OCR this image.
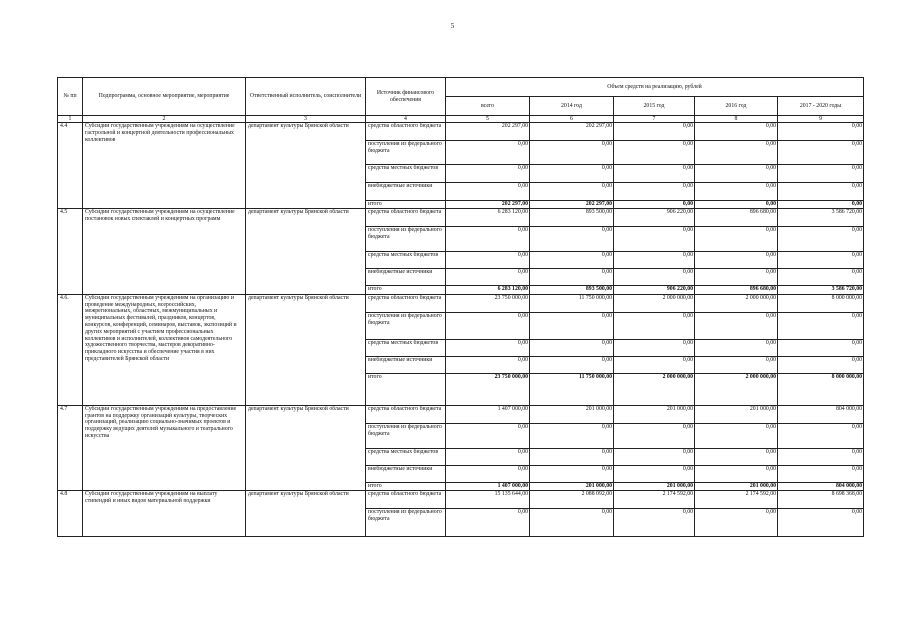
5
№ пп	Подпрограмма, основное мероприятие, мероприятие	Ответственный исполнитель, соисполнители	Источник финансового обеспечения	Объем средств на реализацию, рублей				
				всего	2014 год	2015 год	2016 год	2017 - 2020 годы
1	2	3	4	5	6	7	8	9
4.4	Субсидии государственным учреждениям на осуществление гастрольной и концертной деятельности профессиональных коллективов	департамент культуры Брянской области	средства областного бюджета	202 297,00	202 297,00	0,00	0,00	0,00
			поступления из федерального бюджета	0,00	0,00	0,00	0,00	0,00
			средства местных бюджетов	0,00	0,00	0,00	0,00	0,00
			внебюджетные источники	0,00	0,00	0,00	0,00	0,00
			итого	202 297,00	202 297,00	0,00	0,00	0,00
4.5	Субсидии государственным учреждениям на осуществление постановок новых спектаклей и концертных программ	департамент культуры Брянской области	средства областного бюджета	6 283 120,00	893 500,00	906 220,00	896 680,00	3 586 720,00
			поступления из федерального бюджета	0,00	0,00	0,00	0,00	0,00
			средства местных бюджетов	0,00	0,00	0,00	0,00	0,00
			внебюджетные источники	0,00	0,00	0,00	0,00	0,00
			итого	6 283 120,00	893 500,00	906 220,00	896 680,00	3 586 720,00
4.6.	Субсидии государственным учреждениям на организацию и проведение международных, всероссийских, межрегиональных, областных, межмуниципальных и муниципальных фестивалей, праздников, концертов, конкурсов, конференций, семинаров, выставок, экспозиций и других мероприятий с участием профессиональных коллективов и исполнителей, коллективов самодеятельного художественного творчества, мастеров декоративно-прикладного искусства и обеспечение участия в них представителей Брянской области	департамент культуры Брянской области	средства областного бюджета	23 750 000,00	11 750 000,00	2 000 000,00	2 000 000,00	8 000 000,00
			поступления из федерального бюджета	0,00	0,00	0,00	0,00	0,00
			средства местных бюджетов	0,00	0,00	0,00	0,00	0,00
			внебюджетные источники	0,00	0,00	0,00	0,00	0,00
			итого	23 750 000,00	11 750 000,00	2 000 000,00	2 000 000,00	8 000 000,00
4.7	Субсидии государственным учреждениям на предоставление грантов на поддержку организаций культуры, творческих организаций, реализацию социально-значимых проектов и поддержку ведущих деятелей музыкального и театрального искусства	департамент культуры Брянской области	средства областного бюджета	1 407 000,00	201 000,00	201 000,00	201 000,00	804 000,00
			поступления из федерального бюджета	0,00	0,00	0,00	0,00	0,00
			средства местных бюджетов	0,00	0,00	0,00	0,00	0,00
			внебюджетные источники	0,00	0,00	0,00	0,00	0,00
			итого	1 407 000,00	201 000,00	201 000,00	201 000,00	804 000,00
4.8	Субсидии государственным учреждениям на выплату стипендий и иных видов материальной поддержки	департамент культуры Брянской области	средства областного бюджета	15 135 644,00	2 088 092,00	2 174 592,00	2 174 592,00	8 698 368,00
			поступления из федерального бюджета	0,00	0,00	0,00	0,00	0,00
